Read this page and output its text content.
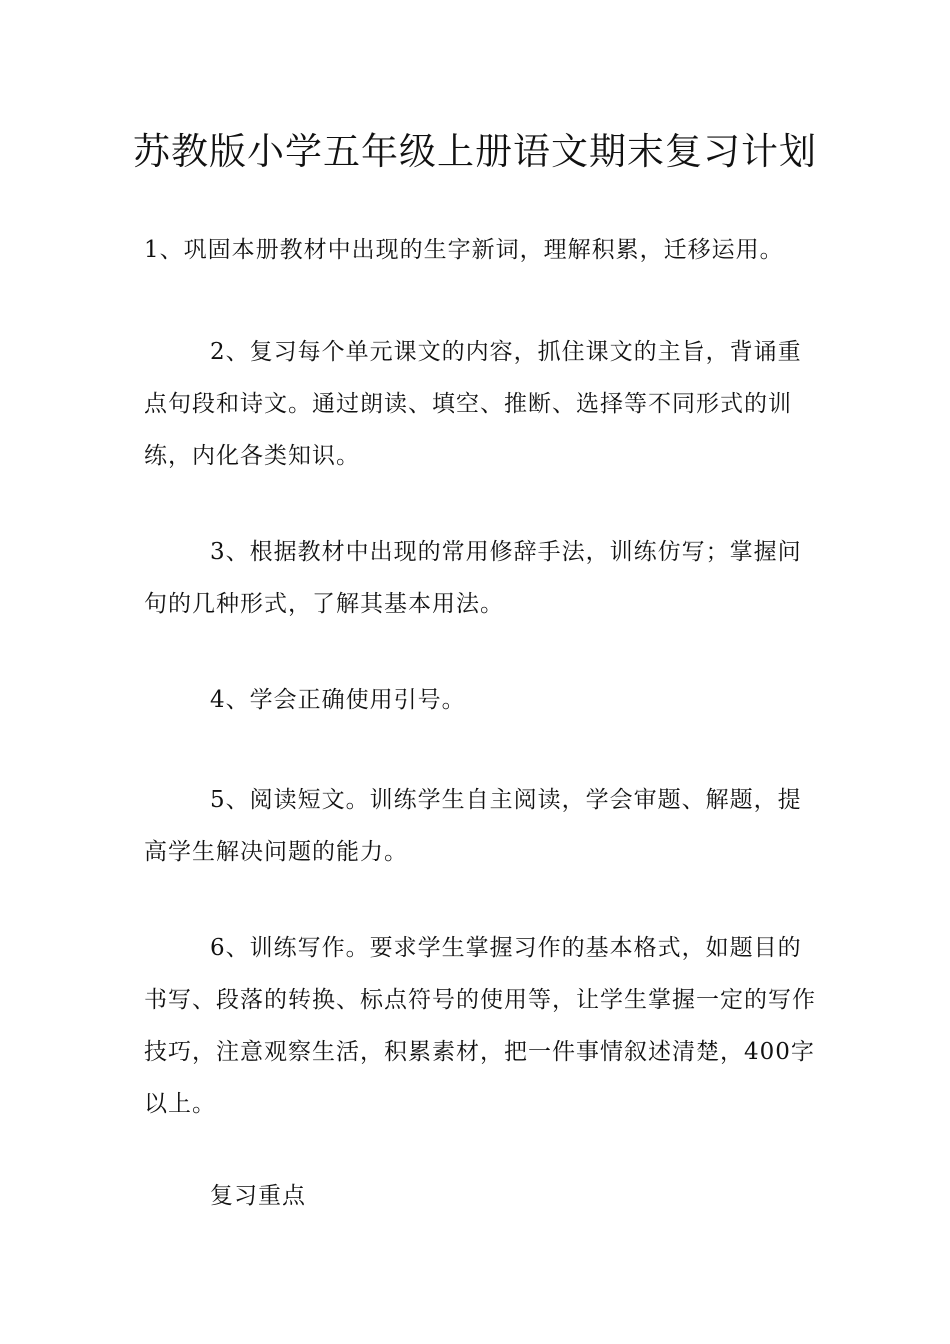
苏教版小学五年级上册语文期末复习计划

1、巩固本册教材中出现的生字新词，理解积累，迁移运用。

2、复习每个单元课文的内容，抓住课文的主旨，背诵重点句段和诗文。通过朗读、填空、推断、选择等不同形式的训练，内化各类知识。

3、根据教材中出现的常用修辞手法，训练仿写；掌握问句的几种形式，了解其基本用法。

4、学会正确使用引号。

5、阅读短文。训练学生自主阅读，学会审题、解题，提高学生解决问题的能力。

6、训练写作。要求学生掌握习作的基本格式，如题目的书写、段落的转换、标点符号的使用等，让学生掌握一定的写作技巧，注意观察生活，积累素材，把一件事情叙述清楚，400字以上。

复习重点
